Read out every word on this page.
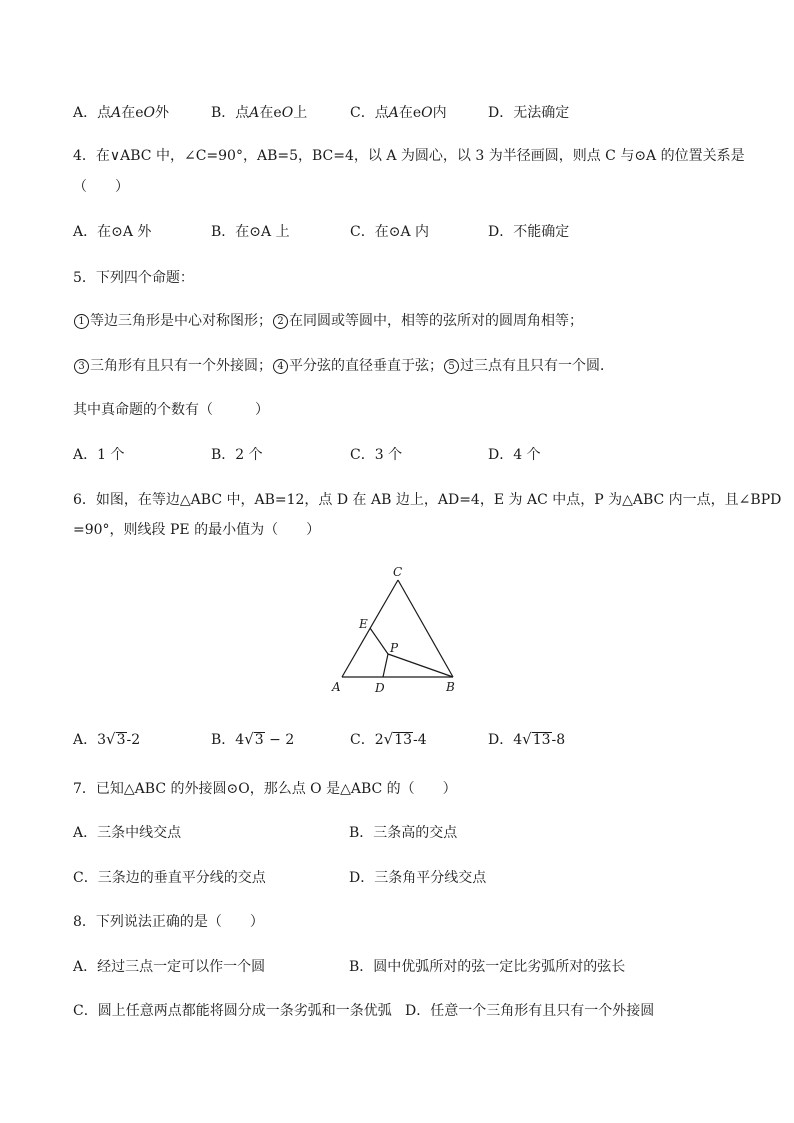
A．点A在eO外	B．点A在eO上	C．点A在eO内	D．无法确定
4．在∨ABC 中，∠C=90°，AB=5，BC=4，以 A 为圆心，以 3 为半径画圆，则点 C 与⊙A 的位置关系是
（　　）
A．在⊙A 外	B．在⊙A 上	C．在⊙A 内	D．不能确定
5．下列四个命题：
1 等边三角形是中心对称图形； 2 在同圆或等圆中，相等的弦所对的圆周角相等；
3 三角形有且只有一个外接圆； 4 平分弦的直径垂直于弦； 5 过三点有且只有一个圆．
其中真命题的个数有（　　　）
A．1 个	B．2 个	C．3 个	D．4 个
6．如图，在等边△ABC 中，AB=12，点 D 在 AB 边上，AD=4，E 为 AC 中点，P 为△ABC 内一点，且∠BPD
=90°，则线段 PE 的最小值为（　　）
C
E
P
A	D	B
A．3 √ 3 -2	B．4 √ 3 − 2	C．2 √ 13 -4	D．4 √ 13 -8
7．已知△ABC 的外接圆⊙O，那么点 O 是△ABC 的（　　）
A．三条中线交点	B．三条高的交点
C．三条边的垂直平分线的交点	D．三条角平分线交点
8．下列说法正确的是（　　）
A．经过三点一定可以作一个圆	B．圆中优弧所对的弦一定比劣弧所对的弦长
C．圆上任意两点都能将圆分成一条劣弧和一条优弧 D．任意一个三角形有且只有一个外接圆
